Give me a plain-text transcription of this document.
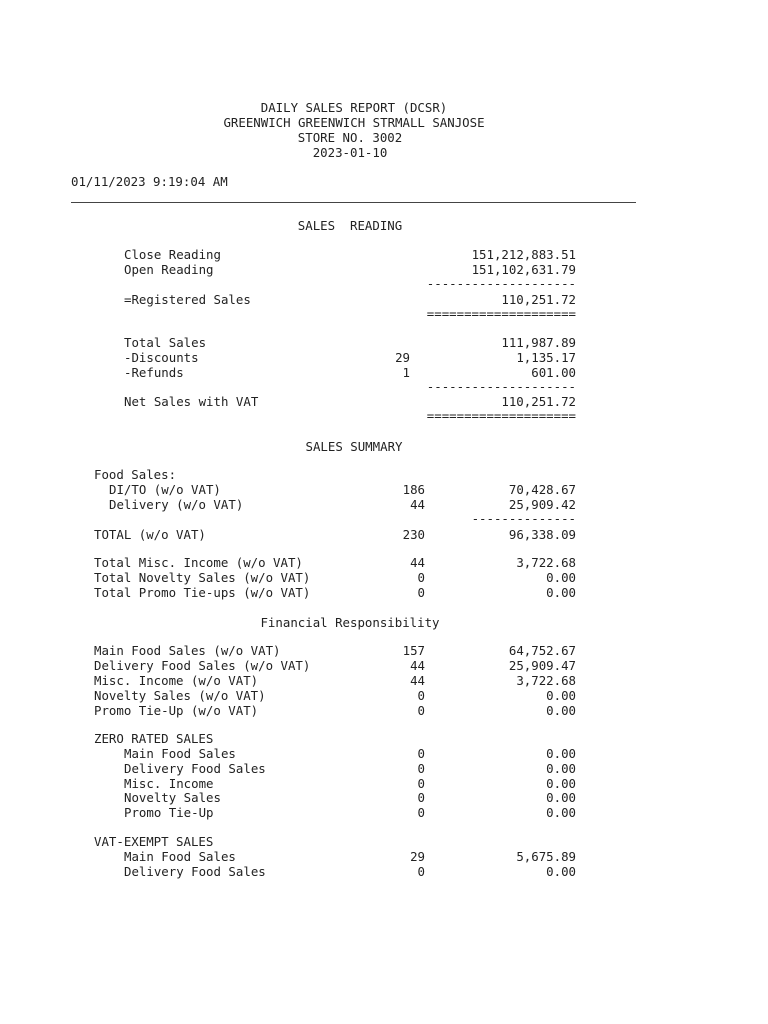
DAILY SALES REPORT (DCSR)
GREENWICH GREENWICH STRMALL SANJOSE
STORE NO. 3002
2023-01-10
01/11/2023 9:19:04 AM
SALES  READING
Close Reading	151,212,883.51
Open Reading	151,102,631.79
--------------------
=Registered Sales	110,251.72
====================
Total Sales	111,987.89
-Discounts	29	1,135.17
-Refunds	1	601.00
--------------------
Net Sales with VAT	110,251.72
====================
SALES SUMMARY
Food Sales:
DI/TO (w/o VAT)	186	70,428.67
Delivery (w/o VAT)	44	25,909.42
--------------
TOTAL (w/o VAT)	230	96,338.09
Total Misc. Income (w/o VAT)	44	3,722.68
Total Novelty Sales (w/o VAT)	0	0.00
Total Promo Tie-ups (w/o VAT)	0	0.00
Financial Responsibility
Main Food Sales (w/o VAT)	157	64,752.67
Delivery Food Sales (w/o VAT)	44	25,909.47
Misc. Income (w/o VAT)	44	3,722.68
Novelty Sales (w/o VAT)	0	0.00
Promo Tie-Up (w/o VAT)	0	0.00
ZERO RATED SALES
Main Food Sales	0	0.00
Delivery Food Sales	0	0.00
Misc. Income	0	0.00
Novelty Sales	0	0.00
Promo Tie-Up	0	0.00
VAT-EXEMPT SALES
Main Food Sales	29	5,675.89
Delivery Food Sales	0	0.00
